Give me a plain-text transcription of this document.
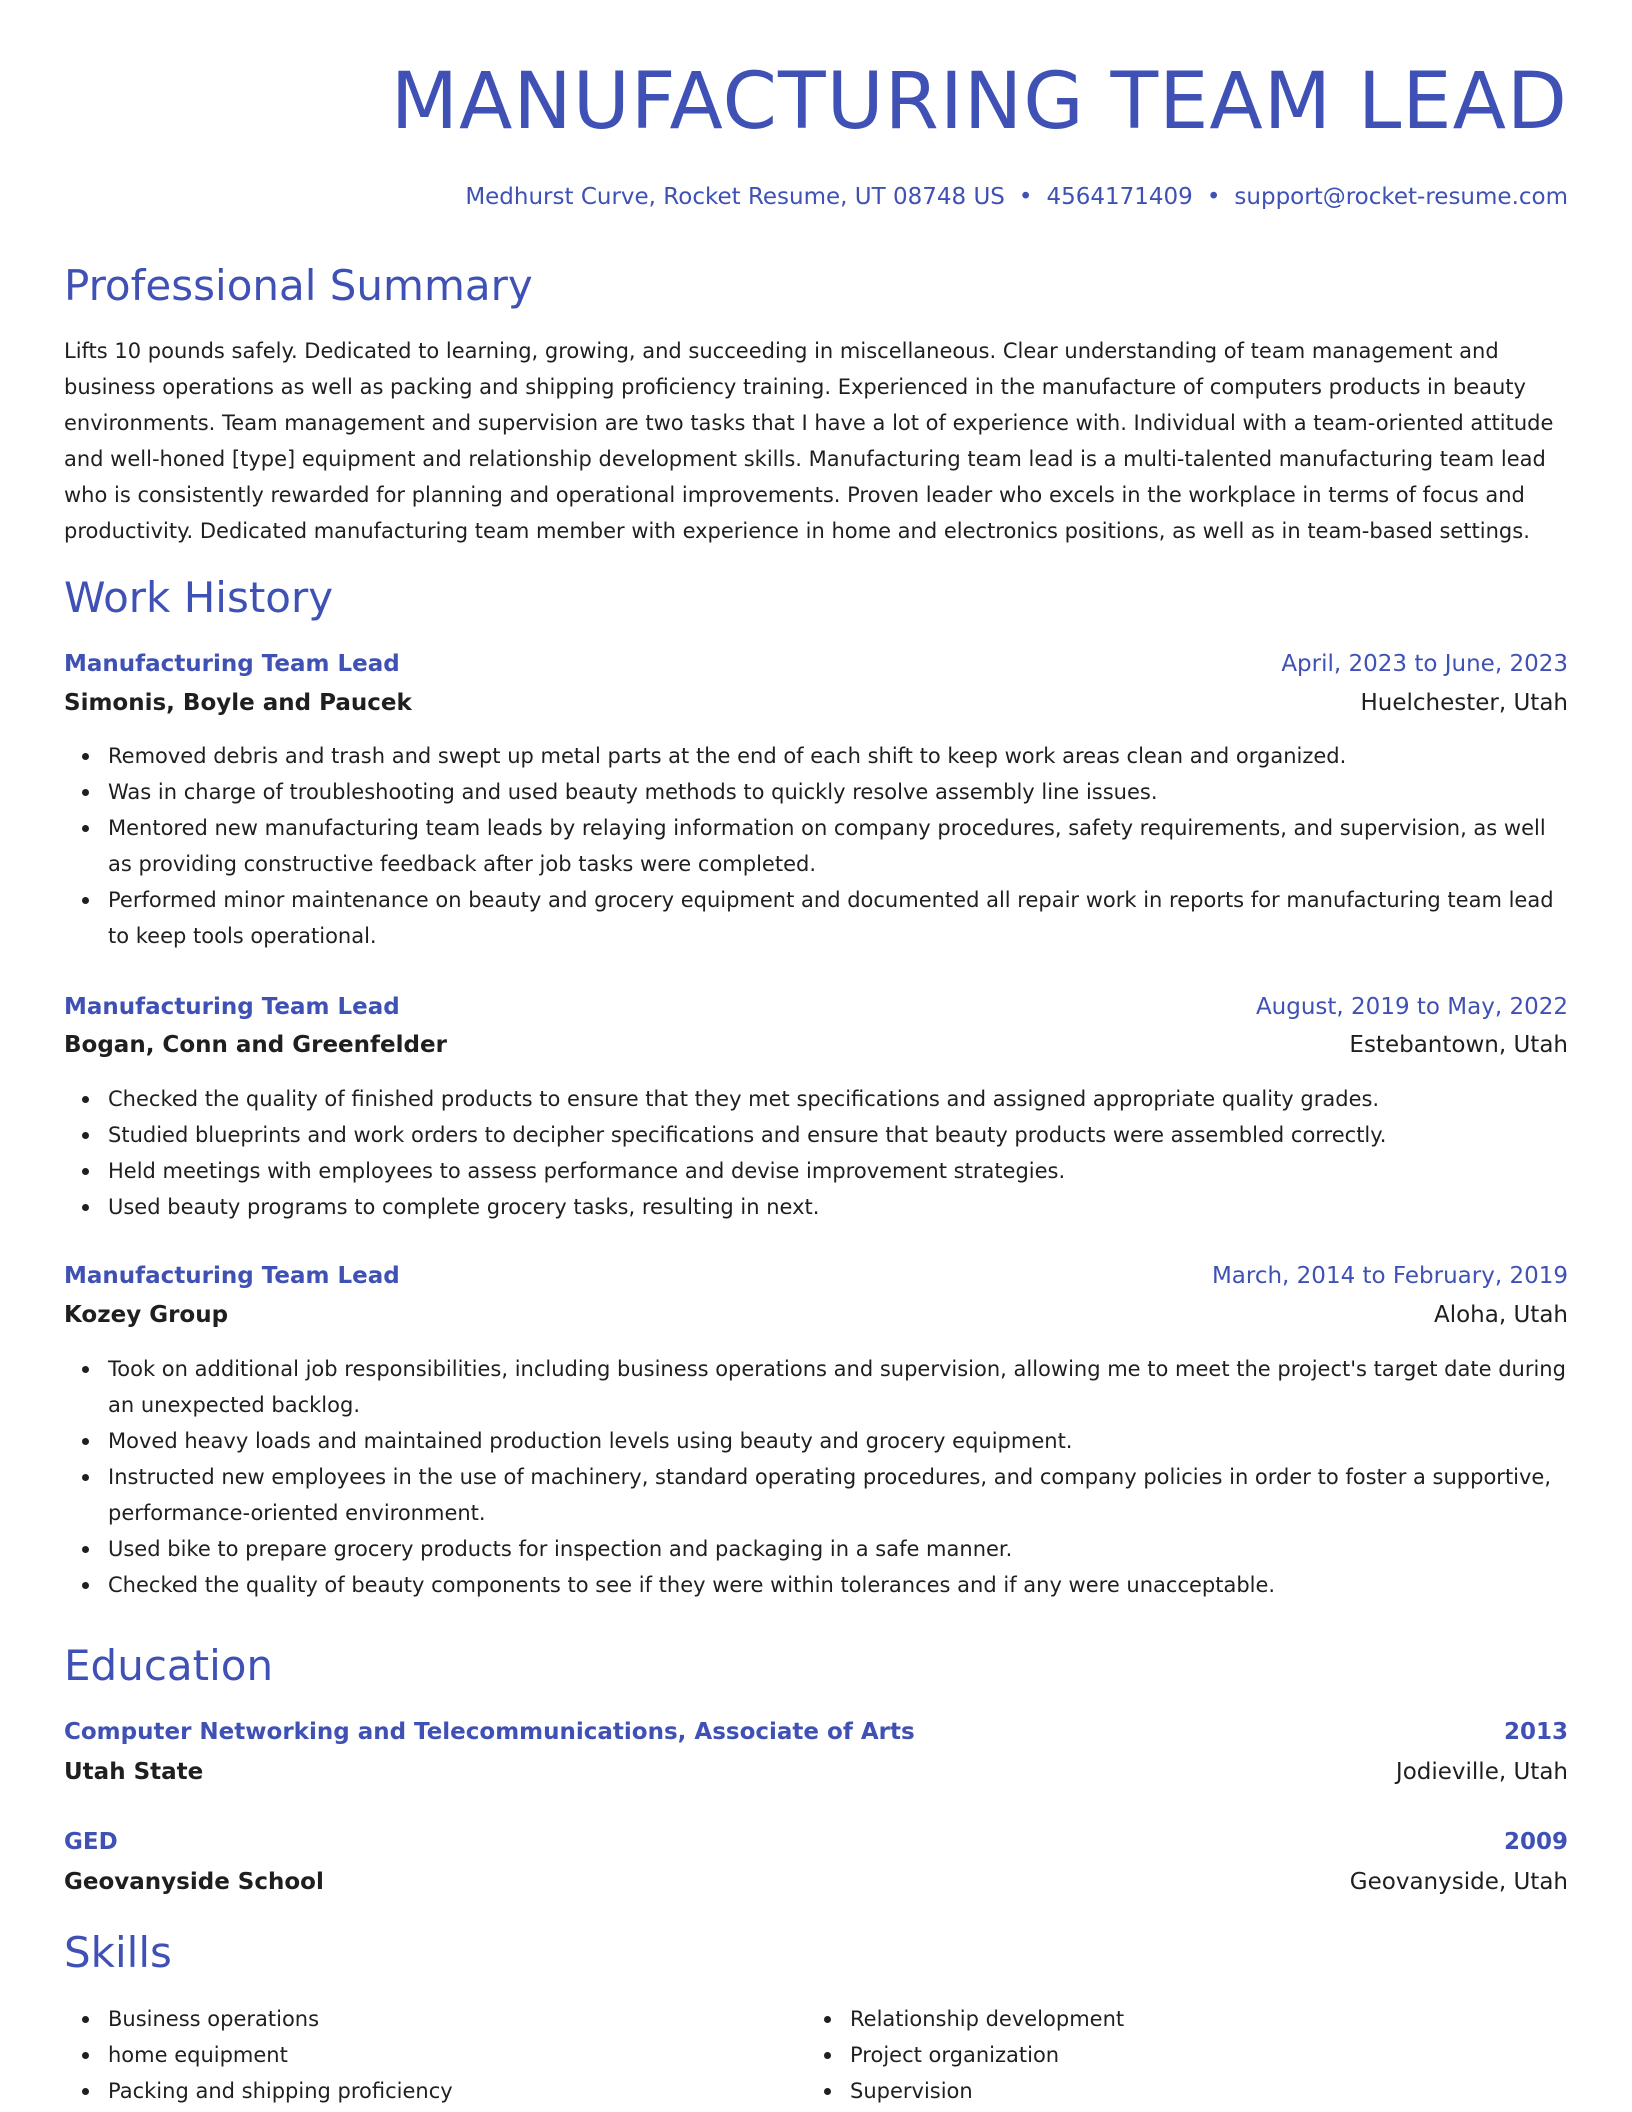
MANUFACTURING TEAM LEAD
Medhurst Curve, Rocket Resume, UT 08748 US • 4564171409 • support@rocket-resume.com
Professional Summary
Lifts 10 pounds safely. Dedicated to learning, growing, and succeeding in miscellaneous. Clear understanding of team management and business operations as well as packing and shipping proficiency training. Experienced in the manufacture of computers products in beauty environments. Team management and supervision are two tasks that I have a lot of experience with. Individual with a team-oriented attitude and well-honed [type] equipment and relationship development skills. Manufacturing team lead is a multi-talented manufacturing team lead who is consistently rewarded for planning and operational improvements. Proven leader who excels in the workplace in terms of focus and productivity. Dedicated manufacturing team member with experience in home and electronics positions, as well as in team-based settings.
Work History
Manufacturing Team Lead	April, 2023 to June, 2023
Simonis, Boyle and Paucek	Huelchester, Utah
Removed debris and trash and swept up metal parts at the end of each shift to keep work areas clean and organized.
Was in charge of troubleshooting and used beauty methods to quickly resolve assembly line issues.
Mentored new manufacturing team leads by relaying information on company procedures, safety requirements, and supervision, as well as providing constructive feedback after job tasks were completed.
Performed minor maintenance on beauty and grocery equipment and documented all repair work in reports for manufacturing team lead to keep tools operational.
Manufacturing Team Lead	August, 2019 to May, 2022
Bogan, Conn and Greenfelder	Estebantown, Utah
Checked the quality of finished products to ensure that they met specifications and assigned appropriate quality grades.
Studied blueprints and work orders to decipher specifications and ensure that beauty products were assembled correctly.
Held meetings with employees to assess performance and devise improvement strategies.
Used beauty programs to complete grocery tasks, resulting in next.
Manufacturing Team Lead	March, 2014 to February, 2019
Kozey Group	Aloha, Utah
Took on additional job responsibilities, including business operations and supervision, allowing me to meet the project's target date during an unexpected backlog.
Moved heavy loads and maintained production levels using beauty and grocery equipment.
Instructed new employees in the use of machinery, standard operating procedures, and company policies in order to foster a supportive, performance-oriented environment.
Used bike to prepare grocery products for inspection and packaging in a safe manner.
Checked the quality of beauty components to see if they were within tolerances and if any were unacceptable.
Education
Computer Networking and Telecommunications, Associate of Arts	2013
Utah State	Jodieville, Utah
GED	2009
Geovanyside School	Geovanyside, Utah
Skills
Business operations
home equipment
Packing and shipping proficiency
Relationship development
Project organization
Supervision
